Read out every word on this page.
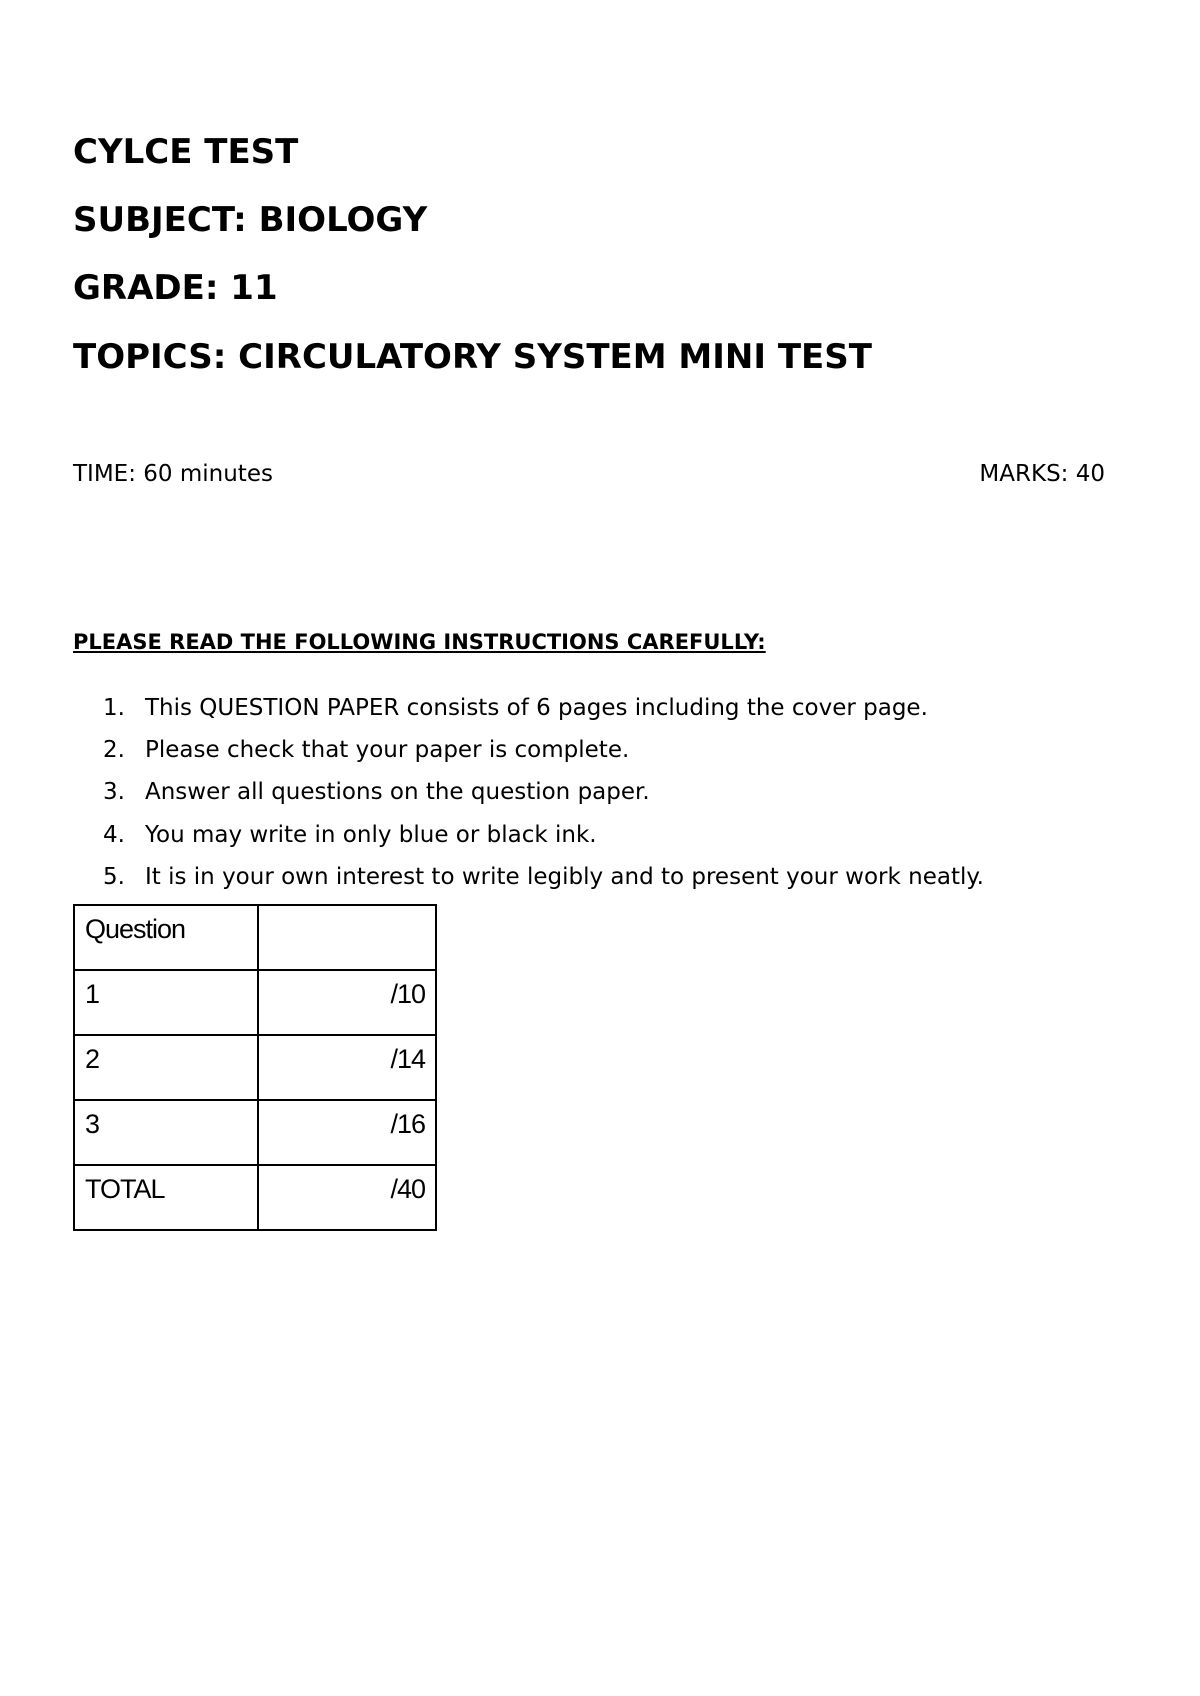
CYLCE TEST
SUBJECT: BIOLOGY
GRADE: 11
TOPICS: CIRCULATORY SYSTEM MINI TEST
TIME: 60 minutes	MARKS: 40
PLEASE READ THE FOLLOWING INSTRUCTIONS CAREFULLY:
1. This QUESTION PAPER consists of 6 pages including the cover page.
2. Please check that your paper is complete.
3. Answer all questions on the question paper.
4. You may write in only blue or black ink.
5. It is in your own interest to write legibly and to present your work neatly.
Question	
1	/10
2	/14
3	/16
TOTAL	/40
